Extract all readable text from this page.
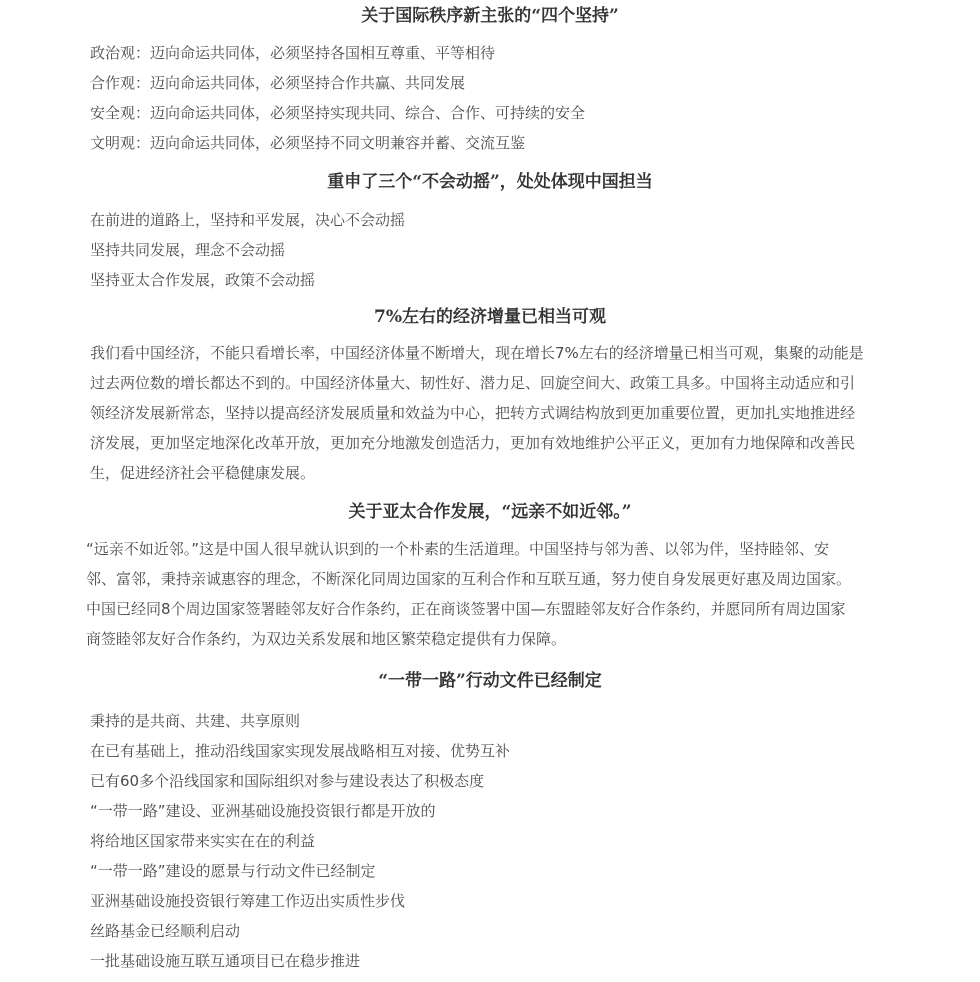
关于国际秩序新主张的“四个坚持”
政治观：迈向命运共同体，必须坚持各国相互尊重、平等相待
合作观：迈向命运共同体，必须坚持合作共赢、共同发展
安全观：迈向命运共同体，必须坚持实现共同、综合、合作、可持续的安全
文明观：迈向命运共同体，必须坚持不同文明兼容并蓄、交流互鉴
重申了三个“不会动摇”，处处体现中国担当
在前进的道路上，坚持和平发展，决心不会动摇
坚持共同发展，理念不会动摇
坚持亚太合作发展，政策不会动摇
7%左右的经济增量已相当可观
我们看中国经济，不能只看增长率，中国经济体量不断增大，现在增长7%左右的经济增量已相当可观，集聚的动能是
过去两位数的增长都达不到的。中国经济体量大、韧性好、潜力足、回旋空间大、政策工具多。中国将主动适应和引
领经济发展新常态，坚持以提高经济发展质量和效益为中心，把转方式调结构放到更加重要位置，更加扎实地推进经
济发展，更加坚定地深化改革开放，更加充分地激发创造活力，更加有效地维护公平正义，更加有力地保障和改善民
生，促进经济社会平稳健康发展。
关于亚太合作发展，“远亲不如近邻。”
“远亲不如近邻。”这是中国人很早就认识到的一个朴素的生活道理。中国坚持与邻为善、以邻为伴，坚持睦邻、安
邻、富邻，秉持亲诚惠容的理念，不断深化同周边国家的互利合作和互联互通，努力使自身发展更好惠及周边国家。
中国已经同8个周边国家签署睦邻友好合作条约，正在商谈签署中国—东盟睦邻友好合作条约，并愿同所有周边国家
商签睦邻友好合作条约，为双边关系发展和地区繁荣稳定提供有力保障。
“一带一路”行动文件已经制定
秉持的是共商、共建、共享原则
在已有基础上，推动沿线国家实现发展战略相互对接、优势互补
已有60多个沿线国家和国际组织对参与建设表达了积极态度
“一带一路”建设、亚洲基础设施投资银行都是开放的
将给地区国家带来实实在在的利益
“一带一路”建设的愿景与行动文件已经制定
亚洲基础设施投资银行筹建工作迈出实质性步伐
丝路基金已经顺利启动
一批基础设施互联互通项目已在稳步推进
